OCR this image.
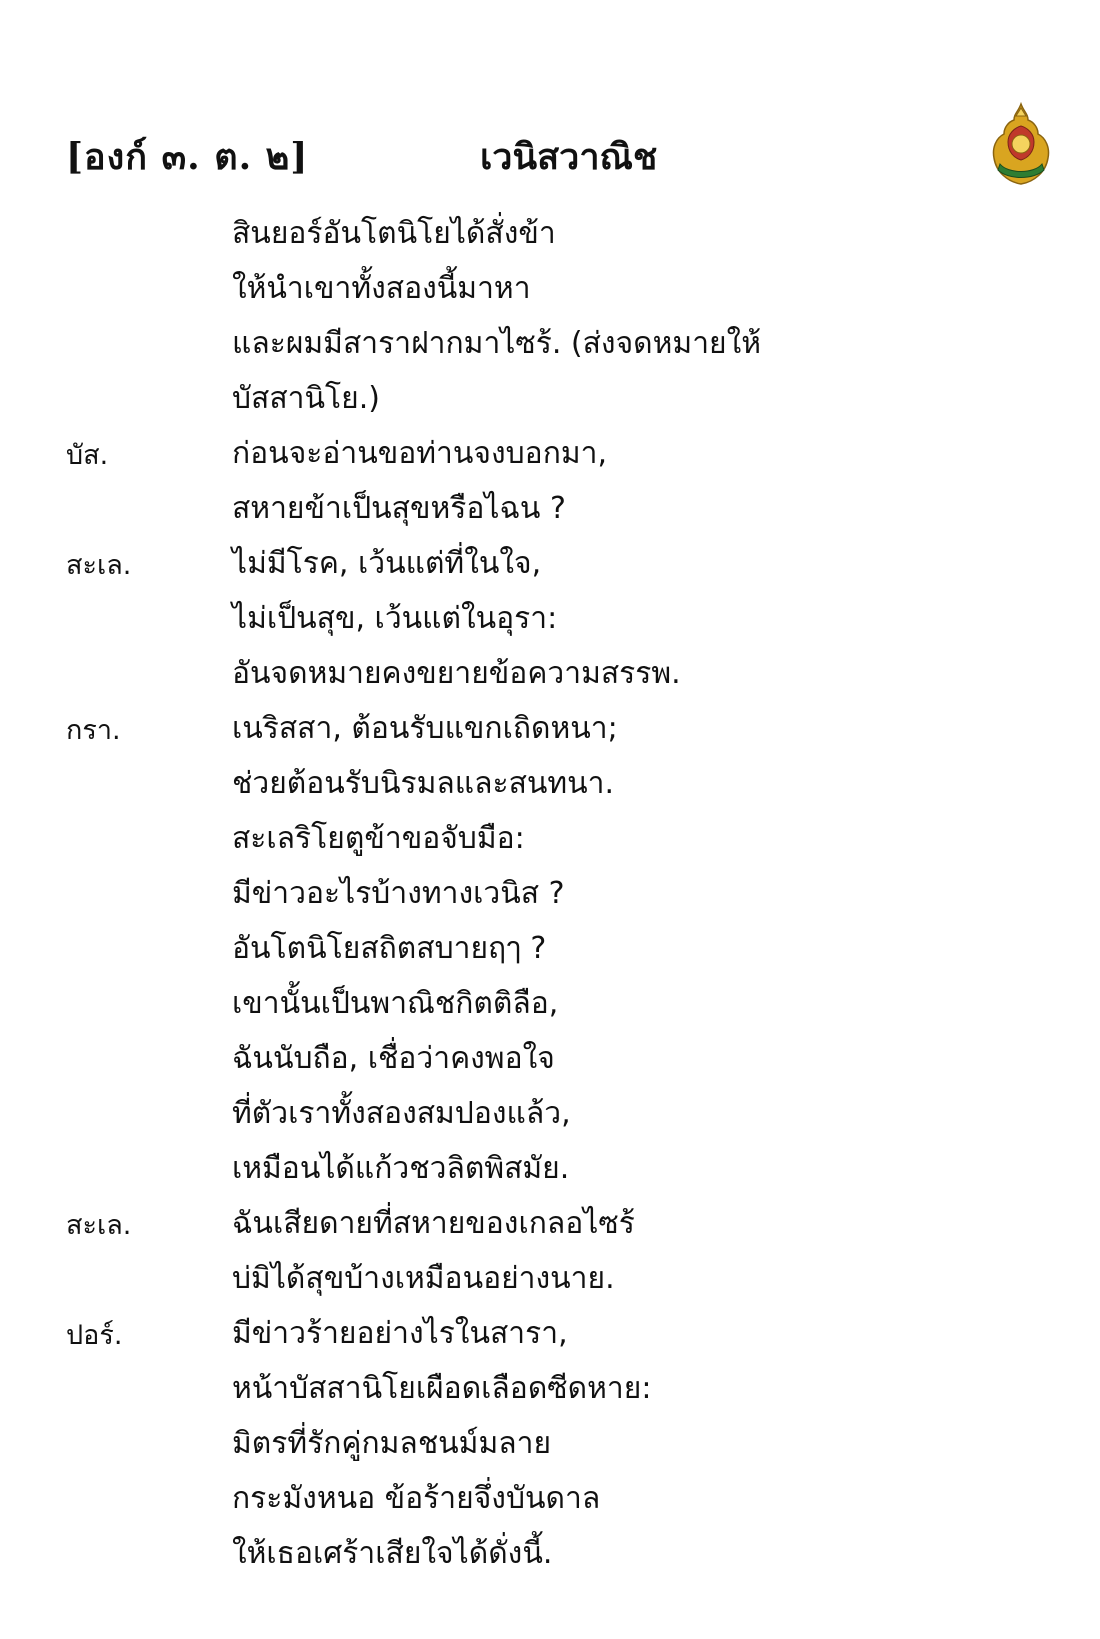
[องก์ ๓. ต. ๒]	เวนิสวาณิช
สินยอร์อันโตนิโยได้สั่งข้า
ให้นำเขาทั้งสองนี้มาหา
และผมมีสาราฝากมาไซร้. (ส่งจดหมายให้
บัสสานิโย.)
บัส.	ก่อนจะอ่านขอท่านจงบอกมา,
สหายข้าเป็นสุขหรือไฉน ?
สะเล.	ไม่มีโรค, เว้นแต่ที่ในใจ,
ไม่เป็นสุข, เว้นแต่ในอุรา:
อันจดหมายคงขยายข้อความสรรพ.
กรา.	เนริสสา, ต้อนรับแขกเถิดหนา;
ช่วยต้อนรับนิรมลและสนทนา.
สะเลริโยตูข้าขอจับมือ:
มีข่าวอะไรบ้างทางเวนิส ?
อันโตนิโยสถิตสบายฤๅ ?
เขานั้นเป็นพาณิชกิตติลือ,
ฉันนับถือ, เชื่อว่าคงพอใจ
ที่ตัวเราทั้งสองสมปองแล้ว,
เหมือนได้แก้วชวลิตพิสมัย.
สะเล.	ฉันเสียดายที่สหายของเกลอไซร้
บ่มิได้สุขบ้างเหมือนอย่างนาย.
ปอร์.	มีข่าวร้ายอย่างไรในสารา,
หน้าบัสสานิโยเผือดเลือดซีดหาย:
มิตรที่รักคู่กมลชนม์มลาย
กระมังหนอ ข้อร้ายจึ่งบันดาล
ให้เธอเศร้าเสียใจได้ดั่งนี้.
